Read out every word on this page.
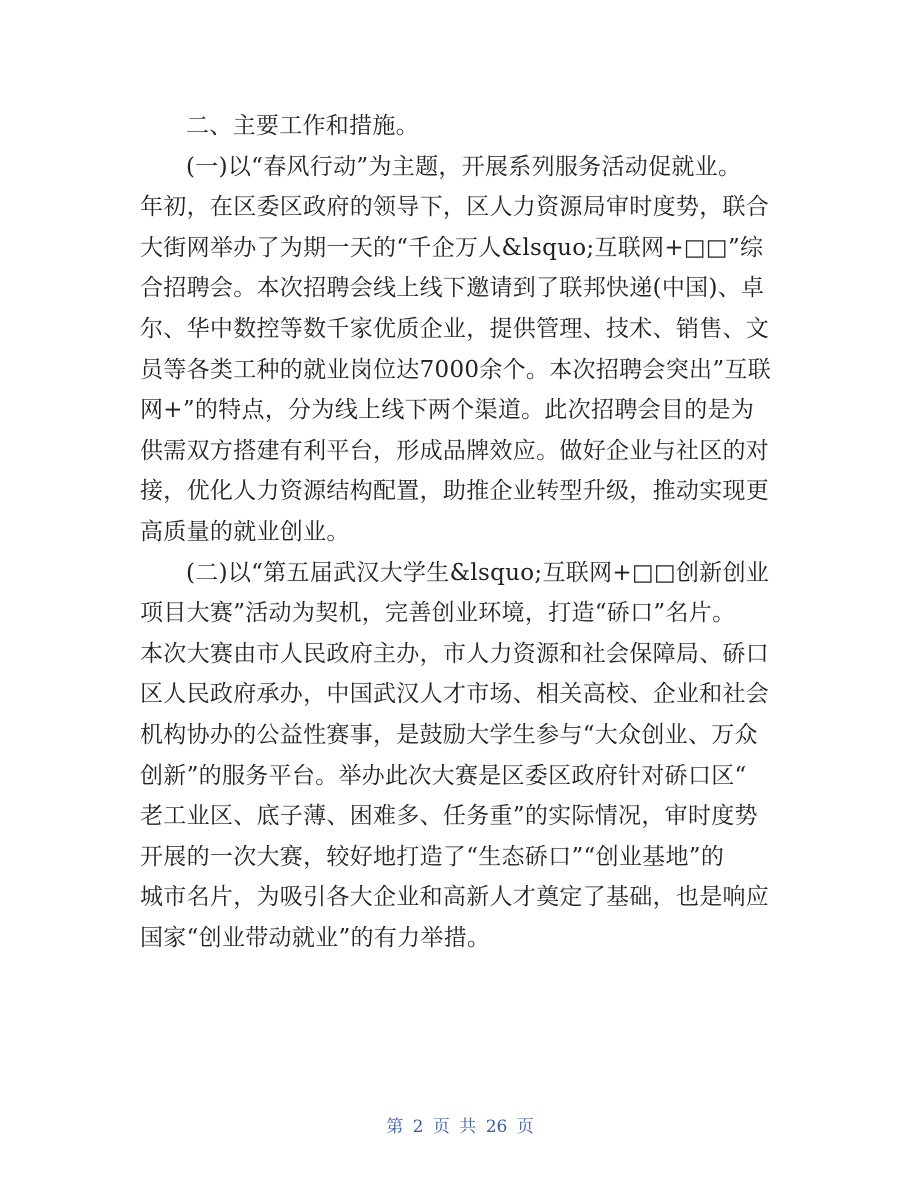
二、主要工作和措施。
(一)以“春风行动”为主题，开展系列服务活动促就业。
年初，在区委区政府的领导下，区人力资源局审时度势，联合
大街网举办了为期一天的“千企万人&lsquo;互联网+□□”综
合招聘会。本次招聘会线上线下邀请到了联邦快递(中国)、卓
尔、华中数控等数千家优质企业，提供管理、技术、销售、文
员等各类工种的就业岗位达7000余个。本次招聘会突出”互联
网+”的特点，分为线上线下两个渠道。此次招聘会目的是为
供需双方搭建有利平台，形成品牌效应。做好企业与社区的对
接，优化人力资源结构配置，助推企业转型升级，推动实现更
高质量的就业创业。
(二)以“第五届武汉大学生&lsquo;互联网+□□创新创业
项目大赛”活动为契机，完善创业环境，打造“硚口”名片。
本次大赛由市人民政府主办，市人力资源和社会保障局、硚口
区人民政府承办，中国武汉人才市场、相关高校、企业和社会
机构协办的公益性赛事，是鼓励大学生参与“大众创业、万众
创新”的服务平台。举办此次大赛是区委区政府针对硚口区“
老工业区、底子薄、困难多、任务重”的实际情况，审时度势
开展的一次大赛，较好地打造了“生态硚口”“创业基地”的
城市名片，为吸引各大企业和高新人才奠定了基础，也是响应
国家“创业带动就业”的有力举措。
第 2 页 共 26 页
